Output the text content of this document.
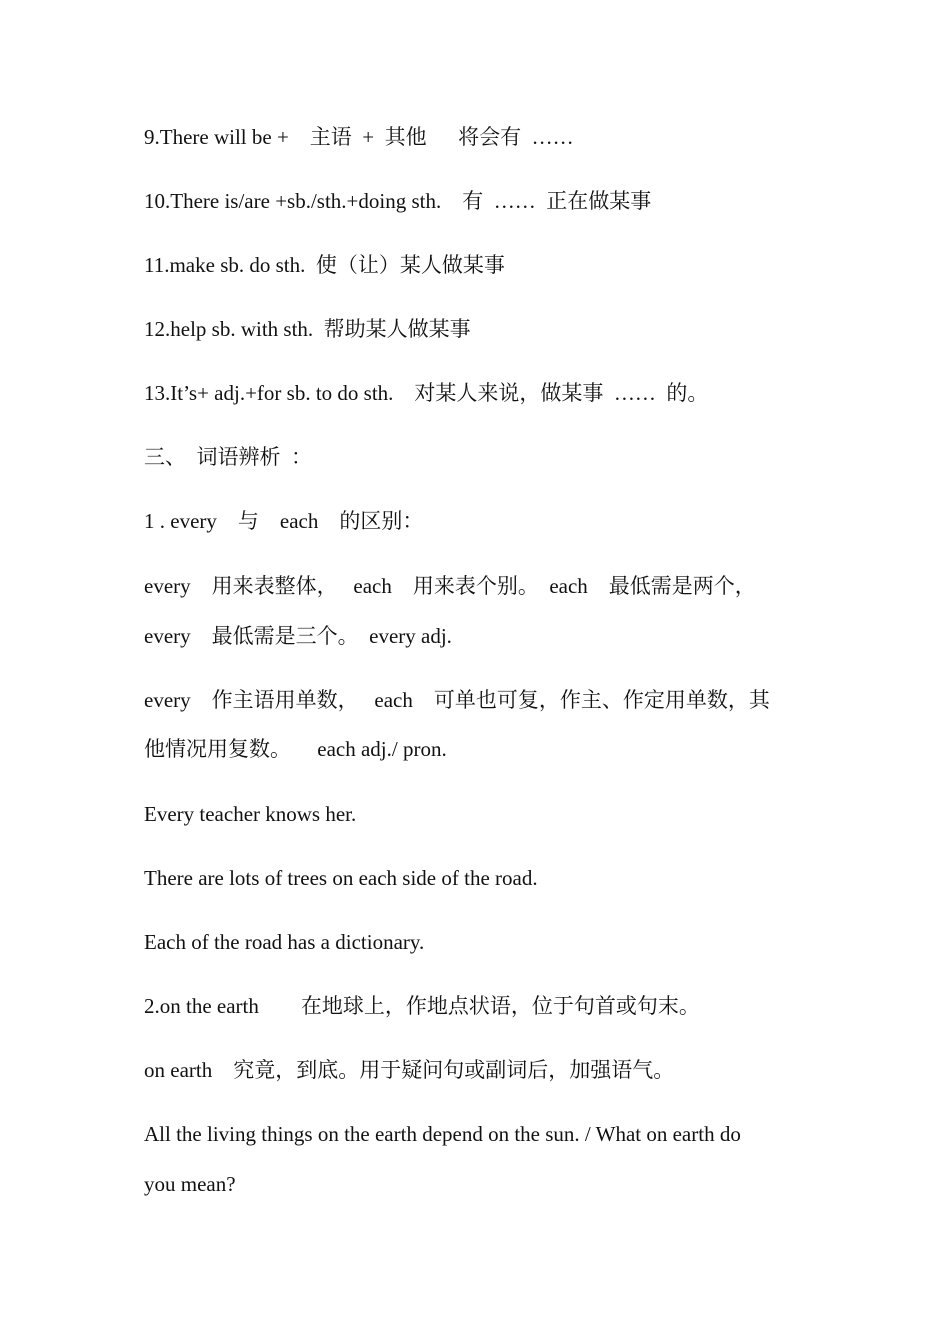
9.There will be +    主语  +  其他      将会有  ……
10.There is/are +sb./sth.+doing sth.    有  ……  正在做某事
11.make sb. do sth.  使（让）某人做某事
12.help sb. with sth.  帮助某人做某事
13.It’s+ adj.+for sb. to do sth.    对某人来说，做某事  ……  的。
三、  词语辨析  ：
1 . every    与    each    的区别：
every    用来表整体，   each    用来表个别。  each    最低需是两个，
every    最低需是三个。  every adj.
every    作主语用单数，   each    可单也可复，作主、作定用单数，其
他情况用复数。     each adj./ pron.
Every teacher knows her.
There are lots of trees on each side of the road.
Each of the road has a dictionary.
2.on the earth        在地球上，作地点状语，位于句首或句末。
on earth    究竟，到底。用于疑问句或副词后，加强语气。
All the living things on the earth depend on the sun. / What on earth do
you mean?
